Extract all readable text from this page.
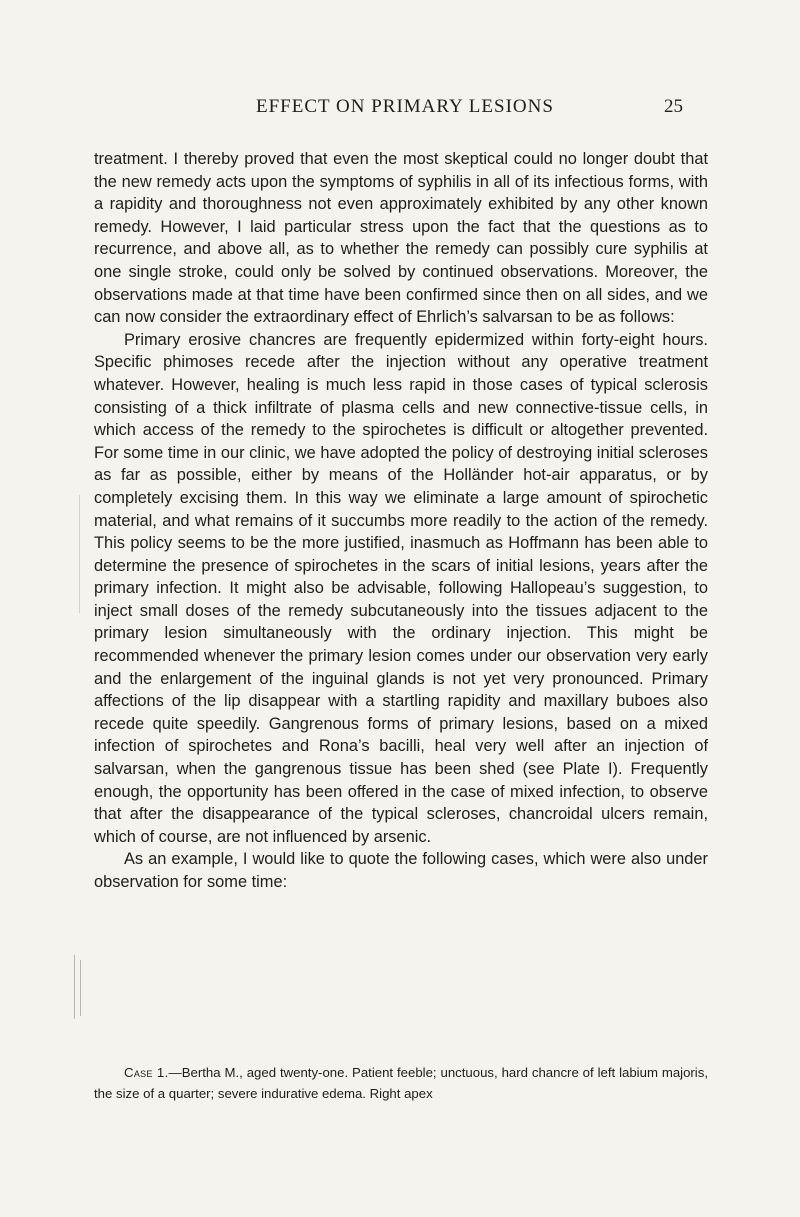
EFFECT ON PRIMARY LESIONS	25

treatment. I thereby proved that even the most skeptical could no longer doubt that the new remedy acts upon the symptoms of syphilis in all of its infectious forms, with a rapidity and thoroughness not even approximately exhibited by any other known remedy. However, I laid particular stress upon the fact that the questions as to recurrence, and above all, as to whether the remedy can possibly cure syphilis at one single stroke, could only be solved by continued observations. Moreover, the observations made at that time have been confirmed since then on all sides, and we can now consider the extraordinary effect of Ehrlich’s salvarsan to be as follows:

Primary erosive chancres are frequently epidermized within forty-eight hours. Specific phimoses recede after the injection without any operative treatment whatever. However, healing is much less rapid in those cases of typical sclerosis consisting of a thick infiltrate of plasma cells and new connective-tissue cells, in which access of the remedy to the spirochetes is difficult or altogether prevented. For some time in our clinic, we have adopted the policy of destroying initial scleroses as far as possible, either by means of the Holländer hot-air apparatus, or by completely excising them. In this way we eliminate a large amount of spirochetic material, and what remains of it succumbs more readily to the action of the remedy. This policy seems to be the more justified, inasmuch as Hoffmann has been able to determine the presence of spirochetes in the scars of initial lesions, years after the primary infection. It might also be advisable, following Hallopeau’s suggestion, to inject small doses of the remedy subcutaneously into the tissues adjacent to the primary lesion simultaneously with the ordinary injection. This might be recommended whenever the primary lesion comes under our observation very early and the enlargement of the inguinal glands is not yet very pronounced. Primary affections of the lip disappear with a startling rapidity and maxillary buboes also recede quite speedily. Gangrenous forms of primary lesions, based on a mixed infection of spirochetes and Rona’s bacilli, heal very well after an injection of salvarsan, when the gangrenous tissue has been shed (see Plate I). Frequently enough, the opportunity has been offered in the case of mixed infection, to observe that after the disappearance of the typical scleroses, chancroidal ulcers remain, which of course, are not influenced by arsenic.

As an example, I would like to quote the following cases, which were also under observation for some time:

Case 1.—Bertha M., aged twenty-one. Patient feeble; unctuous, hard chancre of left labium majoris, the size of a quarter; severe indurative edema. Right apex
